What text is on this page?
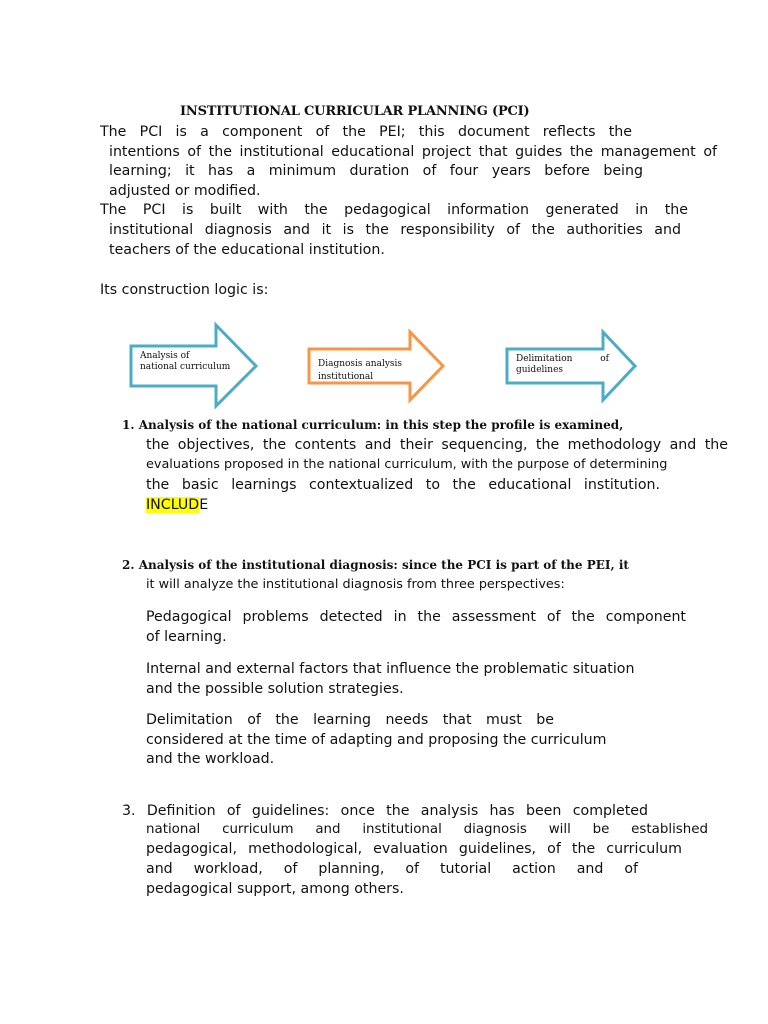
INSTITUTIONAL CURRICULAR PLANNING (PCI)
The PCI is a component of the PEI; this document reflects the
intentions of the institutional educational project that guides the management of
learning; it has a minimum duration of four years before being
adjusted or modified.
The PCI is built with the pedagogical information generated in the
institutional diagnosis and it is the responsibility of the authorities and
teachers of the educational institution.
Its construction logic is:
Analysis of
national curriculum	Diagnosis analysis
institutional
Delimitation	of
guidelines
1. Analysis of the national curriculum: in this step the profile is examined,
the objectives, the contents and their sequencing, the methodology and the
evaluations proposed in the national curriculum, with the purpose of determining
the basic learnings contextualized to the educational institution.
INCLUDE
2. Analysis of the institutional diagnosis: since the PCI is part of the PEI, it
it will analyze the institutional diagnosis from three perspectives:
Pedagogical problems detected in the assessment of the component
of learning.
Internal and external factors that influence the problematic situation
and the possible solution strategies.
Delimitation of the learning needs that must be
considered at the time of adapting and proposing the curriculum
and the workload.
3. Definition of guidelines: once the analysis has been completed
national curriculum and institutional diagnosis will be established
pedagogical, methodological, evaluation guidelines, of the curriculum
and workload, of planning, of tutorial action and of
pedagogical support, among others.
